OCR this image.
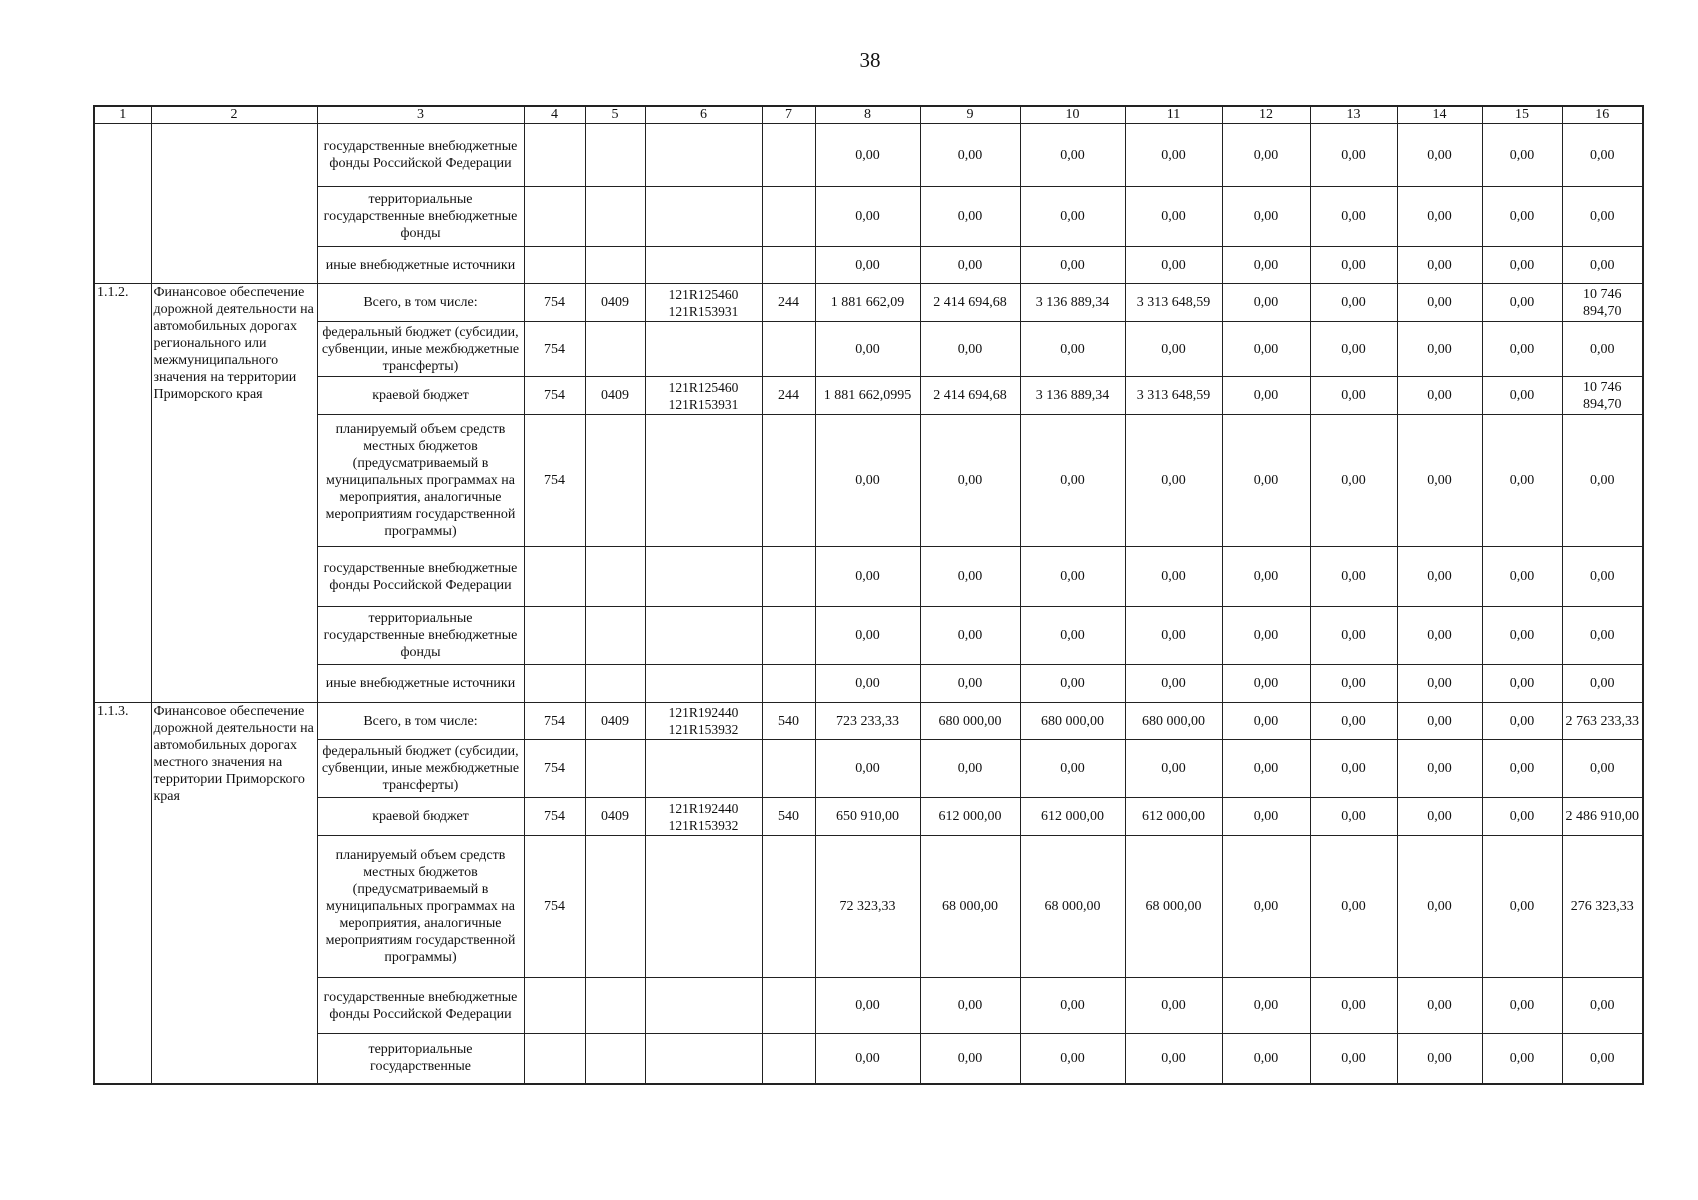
38
1	2	3	4	5	6	7	8	9	10	11	12	13	14	15	16
		государственные внебюджетные фонды Российской Федерации					0,00	0,00	0,00	0,00	0,00	0,00	0,00	0,00	0,00
		территориальные государственные внебюджетные фонды					0,00	0,00	0,00	0,00	0,00	0,00	0,00	0,00	0,00
		иные внебюджетные источники					0,00	0,00	0,00	0,00	0,00	0,00	0,00	0,00	0,00
1.1.2.	Финансовое обеспечение дорожной деятельности на автомобильных дорогах регионального или межмуниципального значения на территории Приморского края	Всего, в том числе:	754	0409	121R125460 121R153931	244	1 881 662,09	2 414 694,68	3 136 889,34	3 313 648,59	0,00	0,00	0,00	0,00	10 746 894,70
		федеральный бюджет (субсидии, субвенции, иные межбюджетные трансферты)	754				0,00	0,00	0,00	0,00	0,00	0,00	0,00	0,00	0,00
		краевой бюджет	754	0409	121R125460 121R153931	244	1 881 662,0995	2 414 694,68	3 136 889,34	3 313 648,59	0,00	0,00	0,00	0,00	10 746 894,70
		планируемый объем средств местных бюджетов (предусматриваемый в муниципальных программах на мероприятия, аналогичные мероприятиям государственной программы)	754				0,00	0,00	0,00	0,00	0,00	0,00	0,00	0,00	0,00
		государственные внебюджетные фонды Российской Федерации					0,00	0,00	0,00	0,00	0,00	0,00	0,00	0,00	0,00
		территориальные государственные внебюджетные фонды					0,00	0,00	0,00	0,00	0,00	0,00	0,00	0,00	0,00
		иные внебюджетные источники					0,00	0,00	0,00	0,00	0,00	0,00	0,00	0,00	0,00
1.1.3.	Финансовое обеспечение дорожной деятельности на автомобильных дорогах местного значения на территории Приморского края	Всего, в том числе:	754	0409	121R192440 121R153932	540	723 233,33	680 000,00	680 000,00	680 000,00	0,00	0,00	0,00	0,00	2 763 233,33
		федеральный бюджет (субсидии, субвенции, иные межбюджетные трансферты)	754				0,00	0,00	0,00	0,00	0,00	0,00	0,00	0,00	0,00
		краевой бюджет	754	0409	121R192440 121R153932	540	650 910,00	612 000,00	612 000,00	612 000,00	0,00	0,00	0,00	0,00	2 486 910,00
		планируемый объем средств местных бюджетов (предусматриваемый в муниципальных программах на мероприятия, аналогичные мероприятиям государственной программы)	754				72 323,33	68 000,00	68 000,00	68 000,00	0,00	0,00	0,00	0,00	276 323,33
		государственные внебюджетные фонды Российской Федерации					0,00	0,00	0,00	0,00	0,00	0,00	0,00	0,00	0,00
		территориальные государственные					0,00	0,00	0,00	0,00	0,00	0,00	0,00	0,00	0,00
